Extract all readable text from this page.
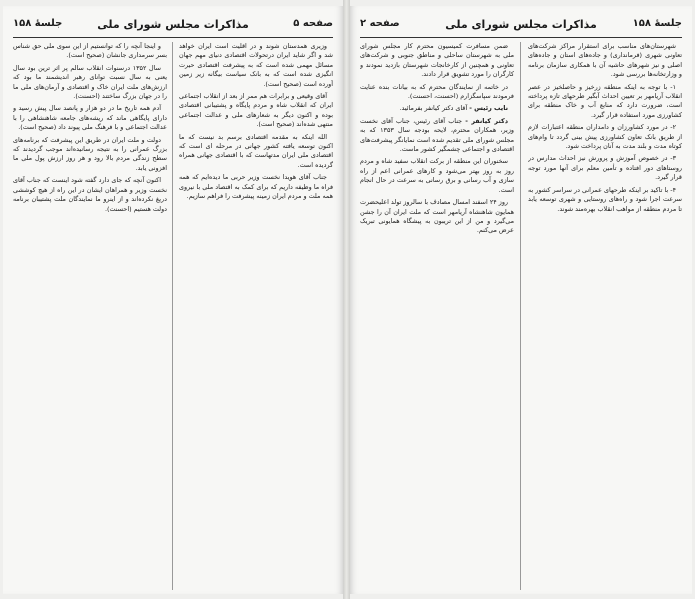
صفحه ۵
مذاکرات مجلس شورای ملی
جلسهٔ ۱۵۸

وزیری همدستان شوند و در اقلیت است ایران خواهد شد و اگر شاید ایران درتحولات اقتصادی دنیای مهم جهان مسائل مهمی شده است که به پیشرفت اقتصادی حیرت انگیزی شده است که به بانک سیاست بیگانه زیر زمین آورده است (صحیح است).

آقای وقیعی و برابرات هم ممر از بعد از انقلاب اجتماعی ایران که انقلاب شاه و مردم پایگاه و پشتیبانی اقتصادی بوده و اکنون دیگر به شعارهای ملی و عدالت اجتماعی منتهی شده‌اند (صحیح است).

الله اینکه به مقدمه اقتصادی برسم بد نیست که ما اکنون توسعه یافته کشور جهانی در مرحله ای است که اقتصادی ملی ایران مدتهاست که با اقتصادی جهانی همراه گردیده است.

جناب آقای هویدا نخست وزیر حربی ما دیده‌ایم که همه فراه ما وظیفه داریم که برای کمک به اقتصاد ملی با نیروی همه ملت و مردم ایران زمینه پیشرفت را فراهم سازیم.

و اینجا آنچه را که توانستیم از این سوی ملی حق شناس بسر سرمداری جانشان (صحیح است).

سال ۱۳۵۲ درسنوات انقلاب سالم پر اثر ترین بود سال یعنی به سال نسبت توانای رهبر اندیشمند ما بود که ارزش‌های ملت ایران خاک و اقتصادی و آرمان‌های ملی ما را در جهان بزرگ ساختند (احسنت).

آدم همه تاریخ ما در دو هزار و پانصد سال پیش رسید و دارای پایگاهی ماند که ریشه‌های جامعه شاهنشاهی را با عدالت اجتماعی و با فرهنگ ملی پیوند داد (صحیح است).

دولت و ملت ایران در طریق این پیشرفت که برنامه‌های بزرگ عمرانی را به نتیجه رسانیده‌اند موجب گردیدند که سطح زندگی مردم بالا رود و هر روز ارزش پول ملی ما افزونی یابد.

اکنون آنچه که جای دارد گفته شود اینست که جناب آقای نخست وزیر و همراهان ایشان در این راه از هیچ کوششی دریغ نکرده‌اند و از اینرو ما نمایندگان ملت پشتیبان برنامه دولت هستیم (احسنت).

جلسهٔ ۱۵۸
مذاکرات مجلس شورای ملی
صفحه ۲

شهرستان‌های مناسب برای استقرار مراکز شرکت‌های تعاونی شهری (فرمانداری) و جاده‌های استان و جاده‌های اصلی و نیز شهرهای حاشیه آن با همکاری سازمان برنامه و وزارتخانه‌ها بررسی شود.

۱- با توجه به اینکه منطقه زرخیز و حاصلخیز در عصر انقلاب آریامهر بر تعیین احداث آبگیر طرحهای تازه پرداخته است، ضرورت دارد که منابع آب و خاک منطقه برای کشاورزی مورد استفاده قرار گیرد.

۲- در مورد کشاورزان و دامداران منطقه اعتبارات لازم از طریق بانک تعاون کشاورزی پیش بینی گردد تا وام‌های کوتاه مدت و بلند مدت به آنان پرداخت شود.

۳- در خصوص آموزش و پرورش نیز احداث مدارس در روستاهای دور افتاده و تأمین معلم برای آنها مورد توجه قرار گیرد.

۴- با تاکید بر اینکه طرحهای عمرانی در سراسر کشور به سرعت اجرا شود و راه‌های روستایی و شهری توسعه یابد تا مردم منطقه از مواهب انقلاب بهره‌مند شوند.

ضمن مسافرت کمیسیون محترم کار مجلس شورای ملی به شهرستان ساحلی و مناطق جنوبی و شرکت‌های تعاونی و همچنین از کارخانجات شهرستان بازدید نمودند و کارگران را مورد تشویق قرار دادند.

در خاتمه از نمایندگان محترم که به بیانات بنده عنایت فرمودند سپاسگزارم (احسنت، احسنت).

نایب رئیس - آقای دکتر کیانفر بفرمائید.

دکتر کیانفر - جناب آقای رئیس، جناب آقای نخست وزیر، همکاران محترم، لایحه بودجه سال ۱۳۵۳ که به مجلس شورای ملی تقدیم شده است نمایانگر پیشرفت‌های اقتصادی و اجتماعی چشمگیر کشور ماست.

سخنوران این منطقه از برکت انقلاب سفید شاه و مردم روز به روز بهتر می‌شود و کارهای عمرانی اعم از راه سازی و آب رسانی و برق رسانی به سرعت در حال انجام است.

روز ۲۴ اسفند امسال مصادف با سالروز تولد اعلیحضرت همایون شاهنشاه آریامهر است که ملت ایران آن را جشن می‌گیرد و من از این تریبون به پیشگاه همایونی تبریک عرض می‌کنم.
